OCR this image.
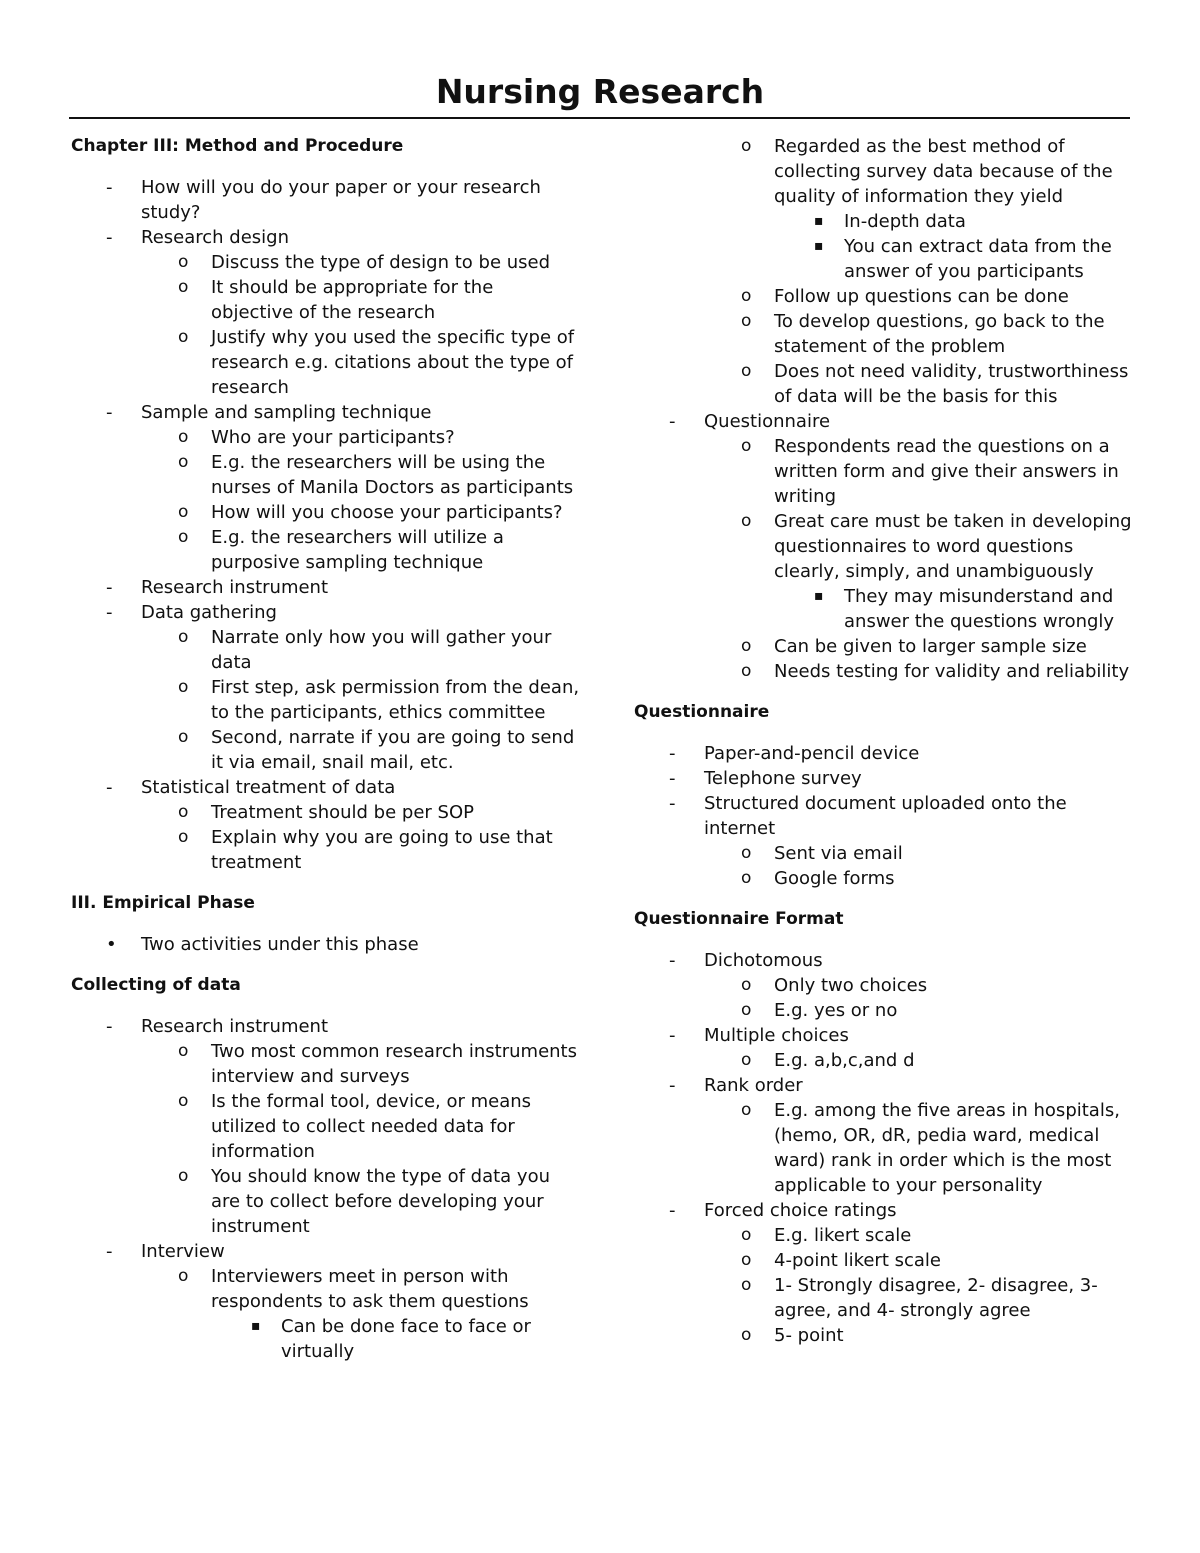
Nursing Research
Chapter III: Method and Procedure
- How will you do your paper or your research study?
- Research design
o Discuss the type of design to be used
o It should be appropriate for the objective of the research
o Justify why you used the specific type of research e.g. citations about the type of research
- Sample and sampling technique
o Who are your participants?
o E.g. the researchers will be using the nurses of Manila Doctors as participants
o How will you choose your participants?
o E.g. the researchers will utilize a purposive sampling technique
- Research instrument
- Data gathering
o Narrate only how you will gather your data
o First step, ask permission from the dean, to the participants, ethics committee
o Second, narrate if you are going to send it via email, snail mail, etc.
- Statistical treatment of data
o Treatment should be per SOP
o Explain why you are going to use that treatment
III. Empirical Phase
• Two activities under this phase
Collecting of data
- Research instrument
o Two most common research instruments interview and surveys
o Is the formal tool, device, or means utilized to collect needed data for information
o You should know the type of data you are to collect before developing your instrument
- Interview
o Interviewers meet in person with respondents to ask them questions
▪ Can be done face to face or virtually
o Regarded as the best method of collecting survey data because of the quality of information they yield
▪ In-depth data
▪ You can extract data from the answer of you participants
o Follow up questions can be done
o To develop questions, go back to the statement of the problem
o Does not need validity, trustworthiness of data will be the basis for this
- Questionnaire
o Respondents read the questions on a written form and give their answers in writing
o Great care must be taken in developing questionnaires to word questions clearly, simply, and unambiguously
▪ They may misunderstand and answer the questions wrongly
o Can be given to larger sample size
o Needs testing for validity and reliability
Questionnaire
- Paper-and-pencil device
- Telephone survey
- Structured document uploaded onto the internet
o Sent via email
o Google forms
Questionnaire Format
- Dichotomous
o Only two choices
o E.g. yes or no
- Multiple choices
o E.g. a,b,c,and d
- Rank order
o E.g. among the five areas in hospitals, (hemo, OR, dR, pedia ward, medical ward) rank in order which is the most applicable to your personality
- Forced choice ratings
o E.g. likert scale
o 4-point likert scale
o 1- Strongly disagree, 2- disagree, 3-agree, and 4- strongly agree
o 5- point
